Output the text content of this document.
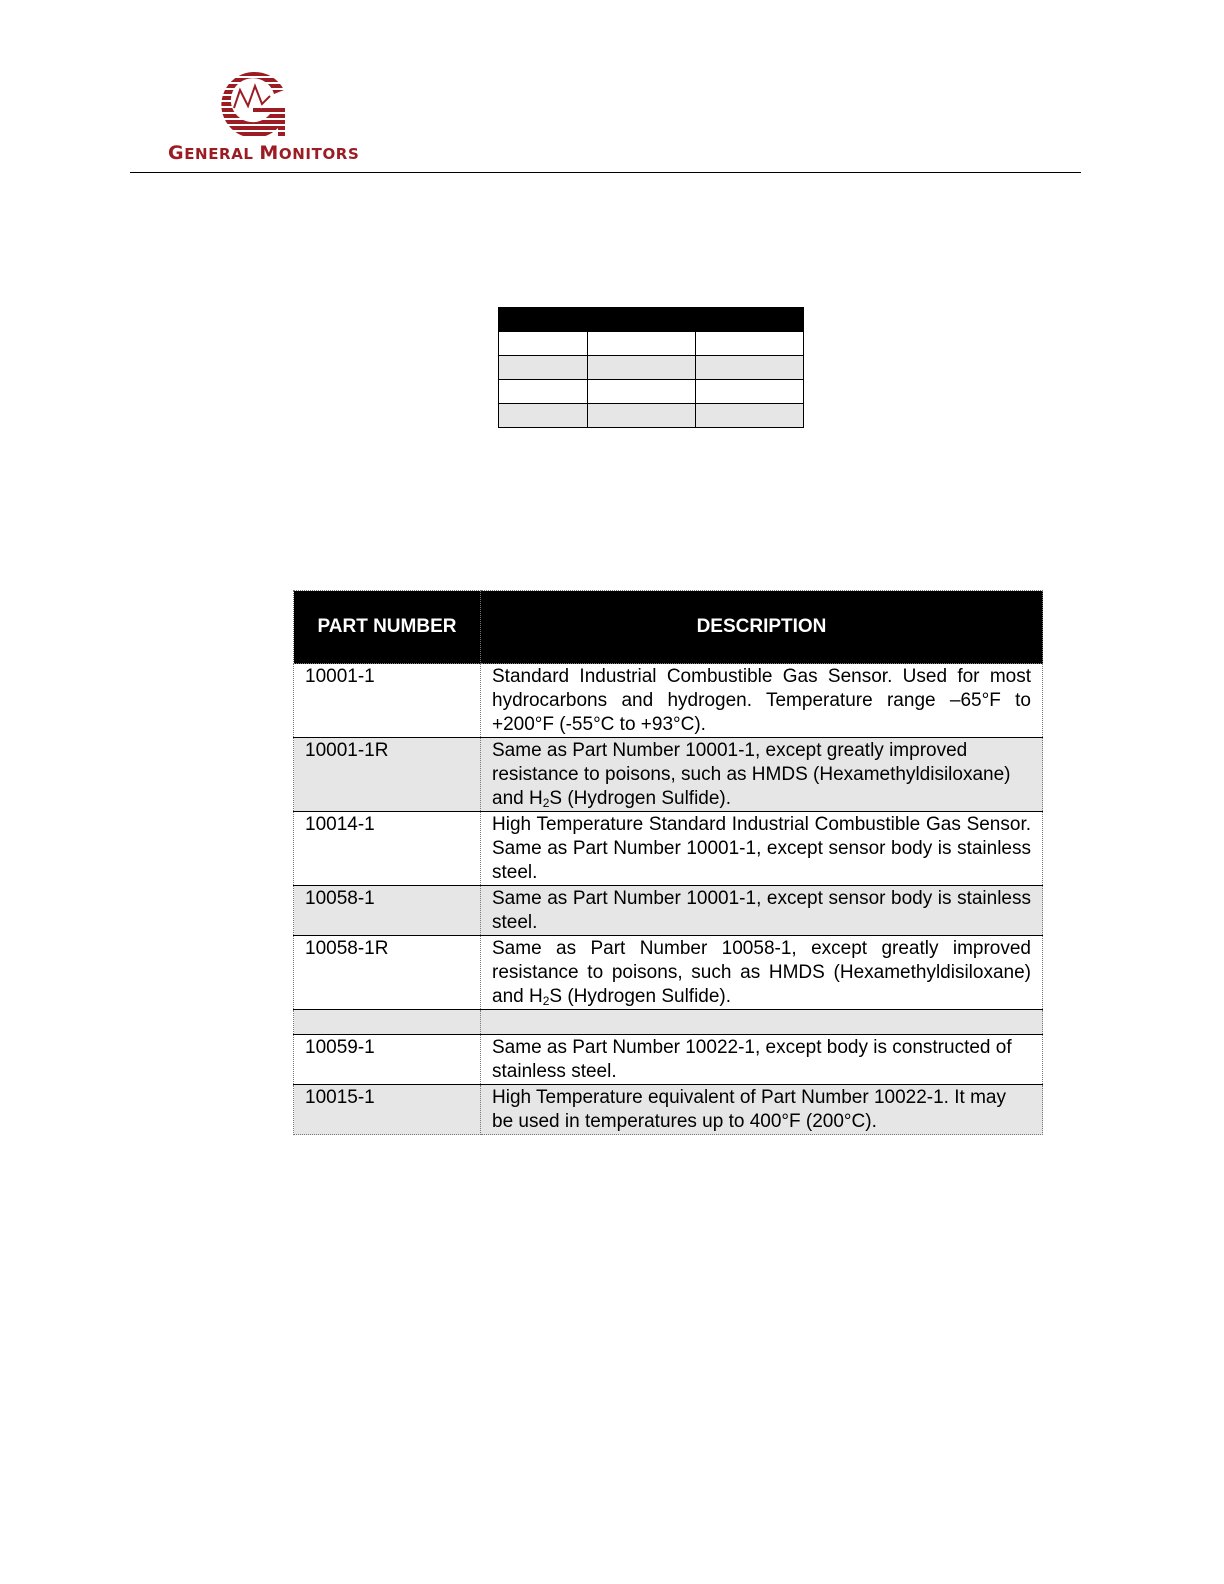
GENERAL MONITORS

PART NUMBER	DESCRIPTION
10001-1	Standard Industrial Combustible Gas Sensor. Used for most hydrocarbons and hydrogen. Temperature range –65°F to +200°F (-55°C to +93°C).
10001-1R	Same as Part Number 10001-1, except greatly improved resistance to poisons, such as HMDS (Hexamethyldisiloxane) and $H_2S$ (Hydrogen Sulfide).
10014-1	High Temperature Standard Industrial Combustible Gas Sensor. Same as Part Number 10001-1, except sensor body is stainless steel.
10058-1	Same as Part Number 10001-1, except sensor body is stainless steel.
10058-1R	Same as Part Number 10058-1, except greatly improved resistance to poisons, such as HMDS (Hexamethyldisiloxane) and $H_2S$ (Hydrogen Sulfide).

10059-1	Same as Part Number 10022-1, except body is constructed of stainless steel.
10015-1	High Temperature equivalent of Part Number 10022-1. It may be used in temperatures up to 400°F (200°C).
